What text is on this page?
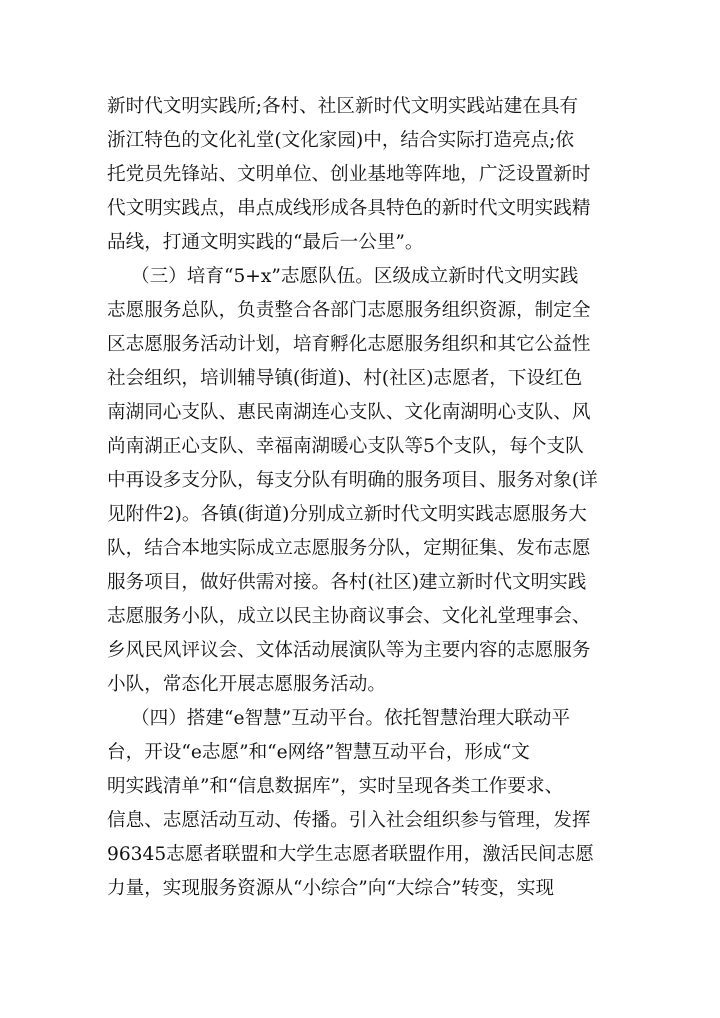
新时代文明实践所;各村、社区新时代文明实践站建在具有
浙江特色的文化礼堂(文化家园)中，结合实际打造亮点;依
托党员先锋站、文明单位、创业基地等阵地，广泛设置新时
代文明实践点，串点成线形成各具特色的新时代文明实践精
品线，打通文明实践的“最后一公里”。
（三）培育“5+x”志愿队伍。区级成立新时代文明实践
志愿服务总队，负责整合各部门志愿服务组织资源，制定全
区志愿服务活动计划，培育孵化志愿服务组织和其它公益性
社会组织，培训辅导镇(街道)、村(社区)志愿者，下设红色
南湖同心支队、惠民南湖连心支队、文化南湖明心支队、风
尚南湖正心支队、幸福南湖暖心支队等5个支队，每个支队
中再设多支分队，每支分队有明确的服务项目、服务对象(详
见附件2)。各镇(街道)分别成立新时代文明实践志愿服务大
队，结合本地实际成立志愿服务分队，定期征集、发布志愿
服务项目，做好供需对接。各村(社区)建立新时代文明实践
志愿服务小队，成立以民主协商议事会、文化礼堂理事会、
乡风民风评议会、文体活动展演队等为主要内容的志愿服务
小队，常态化开展志愿服务活动。
（四）搭建“e智慧”互动平台。依托智慧治理大联动平
台，开设“e志愿”和“e网络”智慧互动平台，形成“文
明实践清单”和“信息数据库”，实时呈现各类工作要求、
信息、志愿活动互动、传播。引入社会组织参与管理，发挥
96345志愿者联盟和大学生志愿者联盟作用，激活民间志愿
力量，实现服务资源从“小综合”向“大综合”转变，实现
